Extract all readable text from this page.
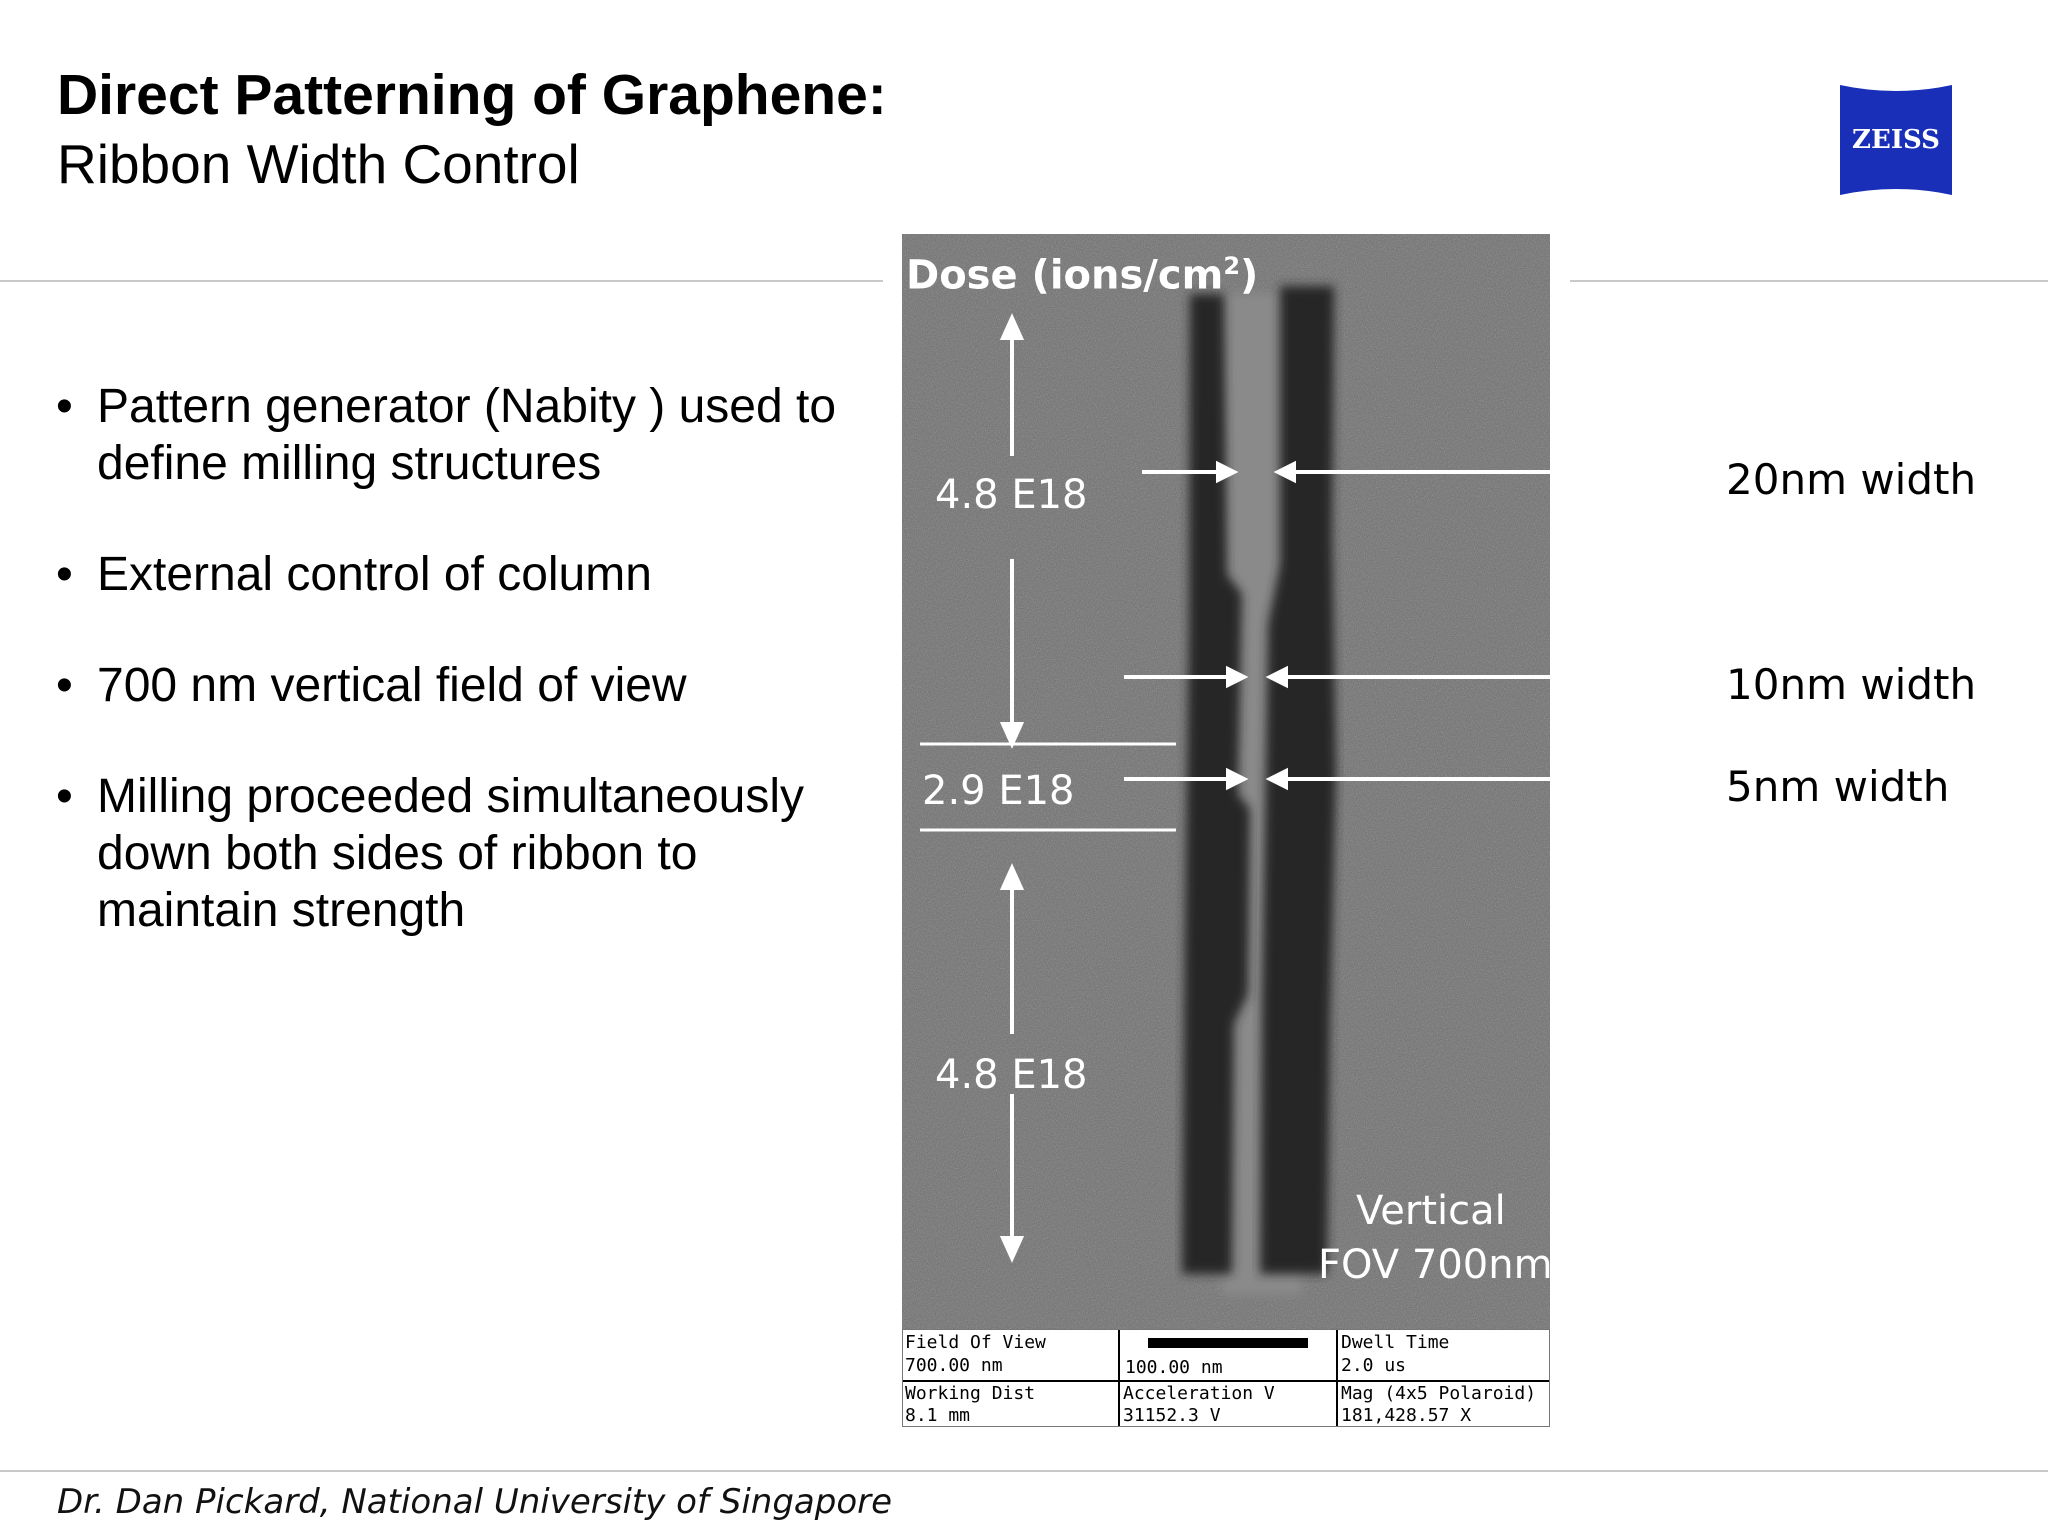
Direct Patterning of Graphene:
Ribbon Width Control	ZEISS
• Pattern generator (Nabity ) used to define milling structures
• External control of column
• 700 nm vertical field of view
• Milling proceeded simultaneously down both sides of ribbon to maintain strength
Dose $(ions/cm^2)$
4.8 E18
2.9 E18
4.8 E18
Vertical
FOV 700nm
20nm width
10nm width
5nm width
Field Of View
700.00 nm	100.00 nm
Dwell Time
2.0 us
Working Dist
8.1 mm
Acceleration V
31152.3 V
Mag (4x5 Polaroid)
181,428.57 X
Dr. Dan Pickard, National University of Singapore
